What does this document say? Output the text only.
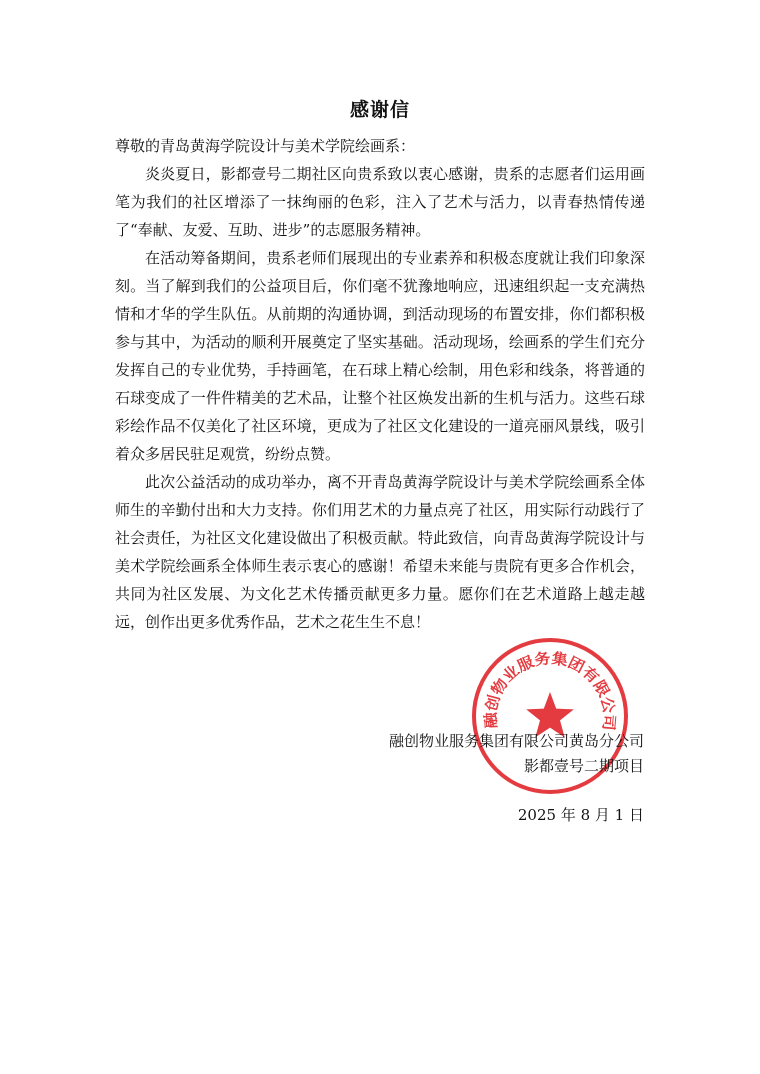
感谢信
尊敬的青岛黄海学院设计与美术学院绘画系：

炎炎夏日，影都壹号二期社区向贵系致以衷心感谢，贵系的志愿者们运用画笔为我们的社区增添了一抹绚丽的色彩，注入了艺术与活力，以青春热情传递了“奉献、友爱、互助、进步”的志愿服务精神。

在活动筹备期间，贵系老师们展现出的专业素养和积极态度就让我们印象深刻。当了解到我们的公益项目后，你们毫不犹豫地响应，迅速组织起一支充满热情和才华的学生队伍。从前期的沟通协调，到活动现场的布置安排，你们都积极参与其中，为活动的顺利开展奠定了坚实基础。活动现场，绘画系的学生们充分发挥自己的专业优势，手持画笔，在石球上精心绘制，用色彩和线条，将普通的石球变成了一件件精美的艺术品，让整个社区焕发出新的生机与活力。这些石球彩绘作品不仅美化了社区环境，更成为了社区文化建设的一道亮丽风景线，吸引着众多居民驻足观赏，纷纷点赞。

此次公益活动的成功举办，离不开青岛黄海学院设计与美术学院绘画系全体师生的辛勤付出和大力支持。你们用艺术的力量点亮了社区，用实际行动践行了社会责任，为社区文化建设做出了积极贡献。特此致信，向青岛黄海学院设计与美术学院绘画系全体师生表示衷心的感谢！希望未来能与贵院有更多合作机会，共同为社区发展、为文化艺术传播贡献更多力量。愿你们在艺术道路上越走越远，创作出更多优秀作品，艺术之花生生不息！

融创物业服务集团有限公司
融创物业服务集团有限公司黄岛分公司
影都壹号二期项目
2025 年 8 月 1 日
